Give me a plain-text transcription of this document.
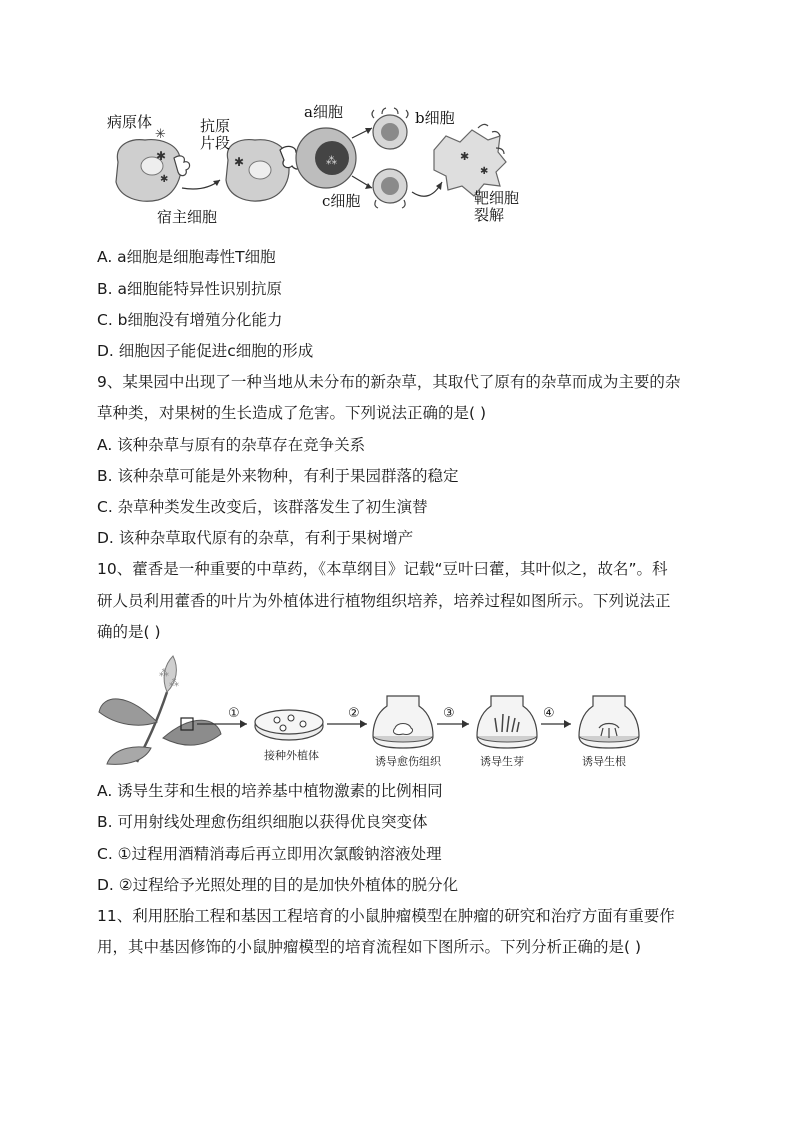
✱
✱
✳
✱	⁂	✱
✱
病原体	抗原
片段
a细胞	b细胞
c细胞
宿主细胞
靶细胞
裂解
A. a细胞是细胞毒性T细胞
B. a细胞能特异性识别抗原
C. b细胞没有增殖分化能力
D. 细胞因子能促进c细胞的形成
9、某果园中出现了一种当地从未分布的新杂草，其取代了原有的杂草而成为主要的杂
草种类，对果树的生长造成了危害。下列说法正确的是( )
A. 该种杂草与原有的杂草存在竞争关系
B. 该种杂草可能是外来物种，有利于果园群落的稳定
C. 杂草种类发生改变后，该群落发生了初生演替
D. 该种杂草取代原有的杂草，有利于果树增产
10、藿香是一种重要的中草药，《本草纲目》记载“豆叶曰藿，其叶似之，故名”。科
研人员利用藿香的叶片为外植体进行植物组织培养，培养过程如图所示。下列说法正
确的是( )
⁂
⁂
①	②	③	④
接种外植体	诱导愈伤组织	诱导生芽	诱导生根
A. 诱导生芽和生根的培养基中植物激素的比例相同
B. 可用射线处理愈伤组织细胞以获得优良突变体
C. ①过程用酒精消毒后再立即用次氯酸钠溶液处理
D. ②过程给予光照处理的目的是加快外植体的脱分化
11、利用胚胎工程和基因工程培育的小鼠肿瘤模型在肿瘤的研究和治疗方面有重要作
用，其中基因修饰的小鼠肿瘤模型的培育流程如下图所示。下列分析正确的是( )
